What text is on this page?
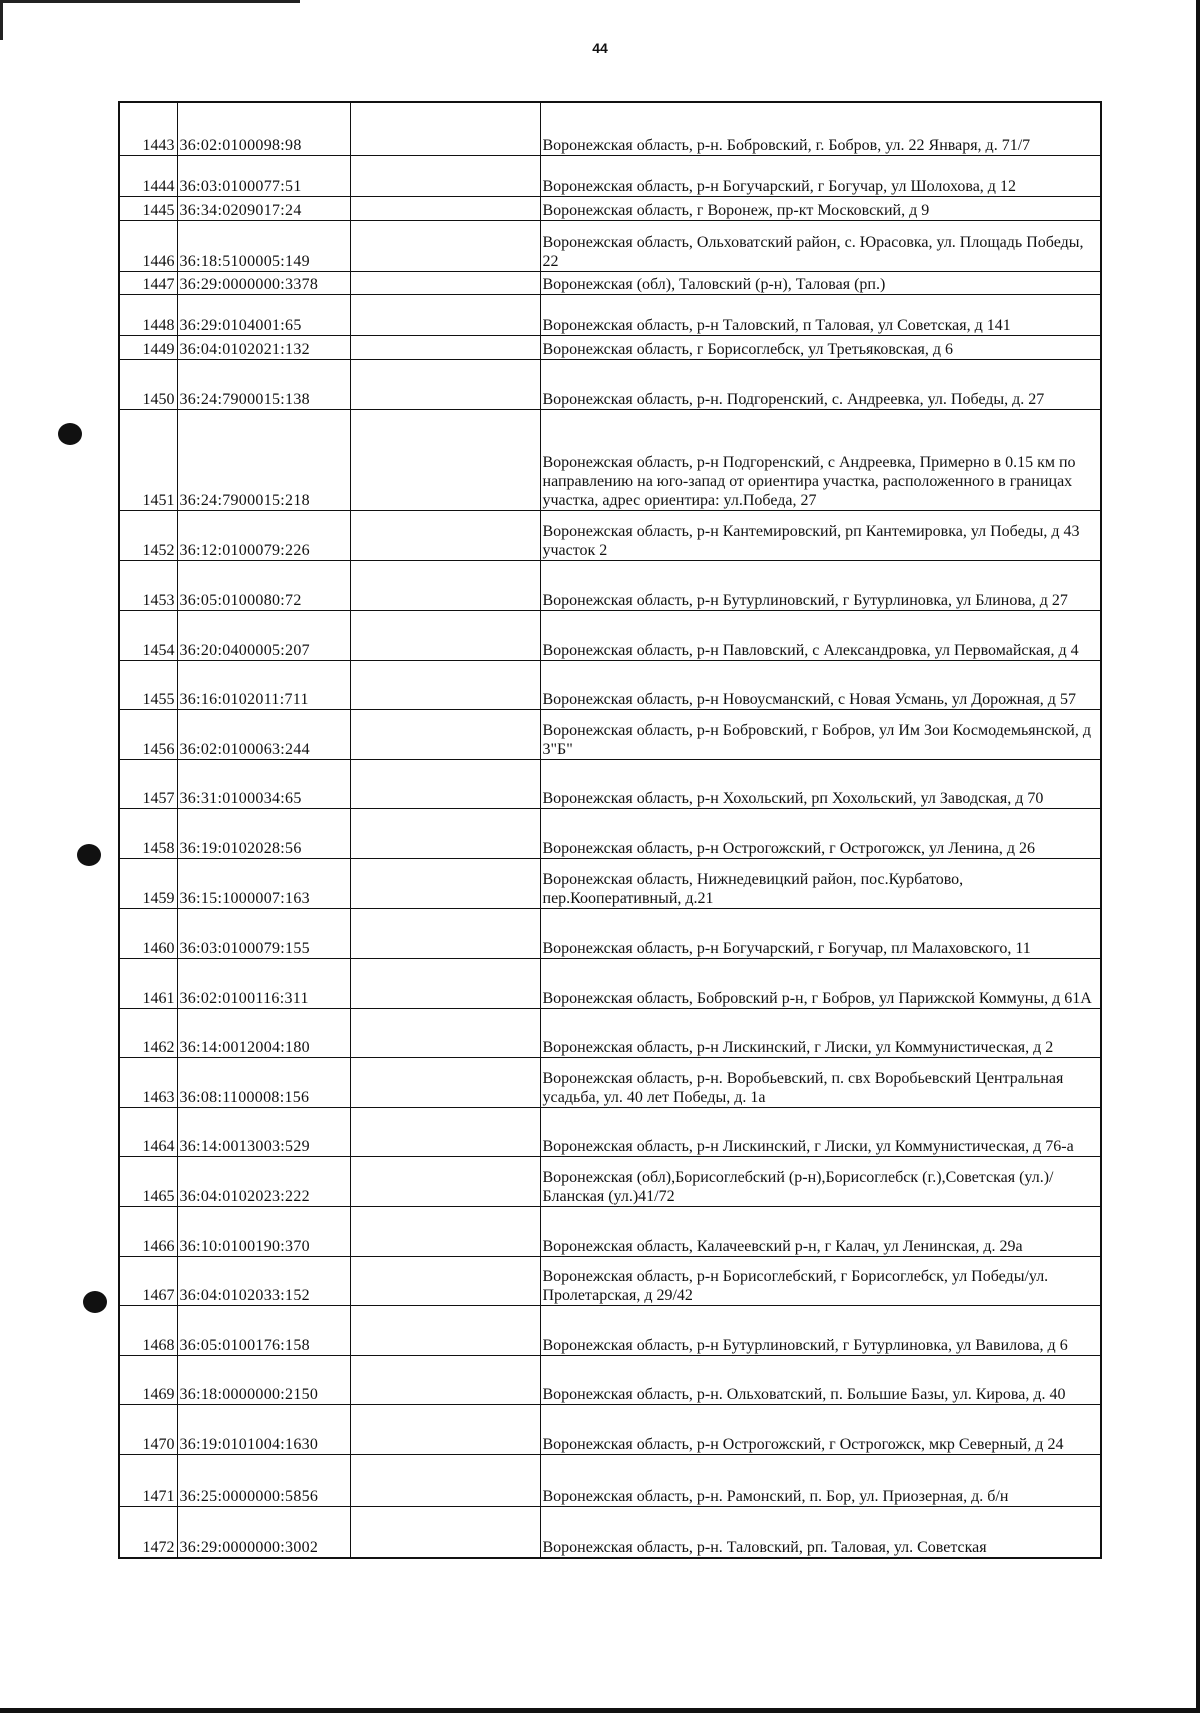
44
1443	36:02:0100098:98		Воронежская область, р-н. Бобровский, г. Бобров, ул. 22 Января, д. 71/7
1444	36:03:0100077:51		Воронежская область, р-н Богучарский, г Богучар, ул Шолохова, д 12
1445	36:34:0209017:24		Воронежская область, г Воронеж, пр-кт Московский, д 9
1446	36:18:5100005:149		Воронежская область, Ольховатский район, с. Юрасовка, ул. Площадь Победы, 22
1447	36:29:0000000:3378		Воронежская (обл), Таловский (р-н), Таловая (рп.)
1448	36:29:0104001:65		Воронежская область, р-н Таловский, п Таловая, ул Советская, д 141
1449	36:04:0102021:132		Воронежская область, г Борисоглебск, ул Третьяковская, д 6
1450	36:24:7900015:138		Воронежская область, р-н. Подгоренский, с. Андреевка, ул. Победы, д. 27
1451	36:24:7900015:218		Воронежская область, р-н Подгоренский, с Андреевка, Примерно в 0.15 км по направлению на юго-запад от ориентира участка, расположенного в границах участка, адрес ориентира: ул.Победа, 27
1452	36:12:0100079:226		Воронежская область, р-н Кантемировский, рп Кантемировка, ул Победы, д 43 участок 2
1453	36:05:0100080:72		Воронежская область, р-н Бутурлиновский, г Бутурлиновка, ул Блинова, д 27
1454	36:20:0400005:207		Воронежская область, р-н Павловский, с Александровка, ул Первомайская, д 4
1455	36:16:0102011:711		Воронежская область, р-н Новоусманский, с Новая Усмань, ул Дорожная, д 57
1456	36:02:0100063:244		Воронежская область, р-н Бобровский, г Бобров, ул Им Зои Космодемьянской, д 3"Б"
1457	36:31:0100034:65		Воронежская область, р-н Хохольский, рп Хохольский, ул Заводская, д 70
1458	36:19:0102028:56		Воронежская область, р-н Острогожский, г Острогожск, ул Ленина, д 26
1459	36:15:1000007:163		Воронежская область, Нижнедевицкий район, пос.Курбатово, пер.Кооперативный, д.21
1460	36:03:0100079:155		Воронежская область, р-н Богучарский, г Богучар, пл Малаховского, 11
1461	36:02:0100116:311		Воронежская область, Бобровский р-н, г Бобров, ул Парижской Коммуны, д 61А
1462	36:14:0012004:180		Воронежская область, р-н Лискинский, г Лиски, ул Коммунистическая, д 2
1463	36:08:1100008:156		Воронежская область, р-н. Воробьевский, п. свх Воробьевский Центральная усадьба, ул. 40 лет Победы, д. 1а
1464	36:14:0013003:529		Воронежская область, р-н Лискинский, г Лиски, ул Коммунистическая, д 76-а
1465	36:04:0102023:222		Воронежская (обл),Борисоглебский (р-н),Борисоглебск (г.),Советская (ул.)/Бланская (ул.)41/72
1466	36:10:0100190:370		Воронежская область, Калачеевский р-н, г Калач, ул Ленинская, д. 29а
1467	36:04:0102033:152		Воронежская область, р-н Борисоглебский, г Борисоглебск, ул Победы/ул. Пролетарская, д 29/42
1468	36:05:0100176:158		Воронежская область, р-н Бутурлиновский, г Бутурлиновка, ул Вавилова, д 6
1469	36:18:0000000:2150		Воронежская область, р-н. Ольховатский, п. Большие Базы, ул. Кирова, д. 40
1470	36:19:0101004:1630		Воронежская область, р-н Острогожский, г Острогожск, мкр Северный, д 24
1471	36:25:0000000:5856		Воронежская область, р-н. Рамонский, п. Бор, ул. Приозерная, д. б/н
1472	36:29:0000000:3002		Воронежская область, р-н. Таловский, рп. Таловая, ул. Советская
